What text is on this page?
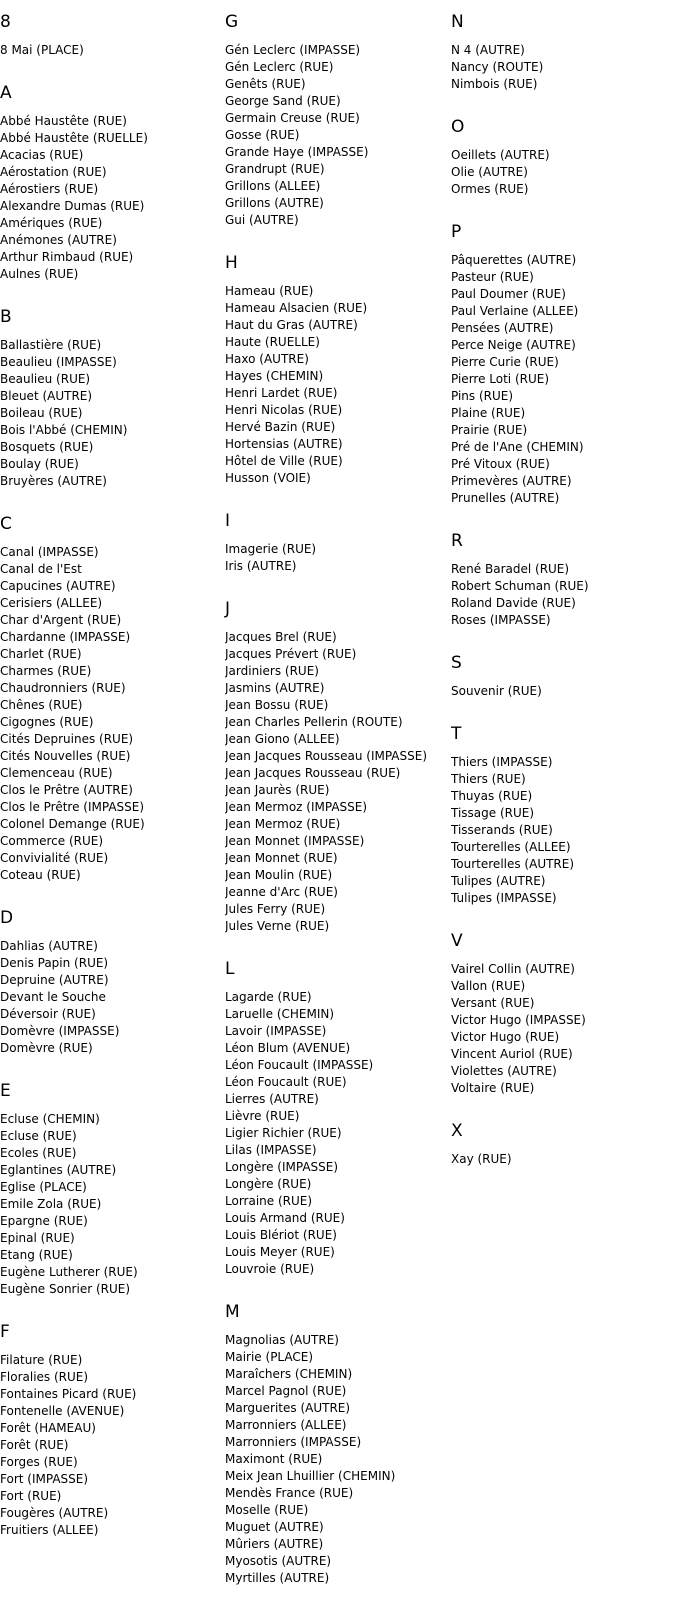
8
8 Mai (PLACE)
A
Abbé Haustête (RUE)
Abbé Haustête (RUELLE)
Acacias (RUE)
Aérostation (RUE)
Aérostiers (RUE)
Alexandre Dumas (RUE)
Amériques (RUE)
Anémones (AUTRE)
Arthur Rimbaud (RUE)
Aulnes (RUE)
B
Ballastière (RUE)
Beaulieu (IMPASSE)
Beaulieu (RUE)
Bleuet (AUTRE)
Boileau (RUE)
Bois l'Abbé (CHEMIN)
Bosquets (RUE)
Boulay (RUE)
Bruyères (AUTRE)
C
Canal (IMPASSE)
Canal de l'Est
Capucines (AUTRE)
Cerisiers (ALLEE)
Char d'Argent (RUE)
Chardanne (IMPASSE)
Charlet (RUE)
Charmes (RUE)
Chaudronniers (RUE)
Chênes (RUE)
Cigognes (RUE)
Cités Depruines (RUE)
Cités Nouvelles (RUE)
Clemenceau (RUE)
Clos le Prêtre (AUTRE)
Clos le Prêtre (IMPASSE)
Colonel Demange (RUE)
Commerce (RUE)
Convivialité (RUE)
Coteau (RUE)
D
Dahlias (AUTRE)
Denis Papin (RUE)
Depruine (AUTRE)
Devant le Souche
Déversoir (RUE)
Domèvre (IMPASSE)
Domèvre (RUE)
E
Ecluse (CHEMIN)
Ecluse (RUE)
Ecoles (RUE)
Eglantines (AUTRE)
Eglise (PLACE)
Emile Zola (RUE)
Epargne (RUE)
Epinal (RUE)
Etang (RUE)
Eugène Lutherer (RUE)
Eugène Sonrier (RUE)
F
Filature (RUE)
Floralies (RUE)
Fontaines Picard (RUE)
Fontenelle (AVENUE)
Forêt (HAMEAU)
Forêt (RUE)
Forges (RUE)
Fort (IMPASSE)
Fort (RUE)
Fougères (AUTRE)
Fruitiers (ALLEE)
G
Gén Leclerc (IMPASSE)
Gén Leclerc (RUE)
Genêts (RUE)
George Sand (RUE)
Germain Creuse (RUE)
Gosse (RUE)
Grande Haye (IMPASSE)
Grandrupt (RUE)
Grillons (ALLEE)
Grillons (AUTRE)
Gui (AUTRE)
H
Hameau (RUE)
Hameau Alsacien (RUE)
Haut du Gras (AUTRE)
Haute (RUELLE)
Haxo (AUTRE)
Hayes (CHEMIN)
Henri Lardet (RUE)
Henri Nicolas (RUE)
Hervé Bazin (RUE)
Hortensias (AUTRE)
Hôtel de Ville (RUE)
Husson (VOIE)
I
Imagerie (RUE)
Iris (AUTRE)
J
Jacques Brel (RUE)
Jacques Prévert (RUE)
Jardiniers (RUE)
Jasmins (AUTRE)
Jean Bossu (RUE)
Jean Charles Pellerin (ROUTE)
Jean Giono (ALLEE)
Jean Jacques Rousseau (IMPASSE)
Jean Jacques Rousseau (RUE)
Jean Jaurès (RUE)
Jean Mermoz (IMPASSE)
Jean Mermoz (RUE)
Jean Monnet (IMPASSE)
Jean Monnet (RUE)
Jean Moulin (RUE)
Jeanne d'Arc (RUE)
Jules Ferry (RUE)
Jules Verne (RUE)
L
Lagarde (RUE)
Laruelle (CHEMIN)
Lavoir (IMPASSE)
Léon Blum (AVENUE)
Léon Foucault (IMPASSE)
Léon Foucault (RUE)
Lierres (AUTRE)
Lièvre (RUE)
Ligier Richier (RUE)
Lilas (IMPASSE)
Longère (IMPASSE)
Longère (RUE)
Lorraine (RUE)
Louis Armand (RUE)
Louis Blériot (RUE)
Louis Meyer (RUE)
Louvroie (RUE)
M
Magnolias (AUTRE)
Mairie (PLACE)
Maraîchers (CHEMIN)
Marcel Pagnol (RUE)
Marguerites (AUTRE)
Marronniers (ALLEE)
Marronniers (IMPASSE)
Maximont (RUE)
Meix Jean Lhuillier (CHEMIN)
Mendès France (RUE)
Moselle (RUE)
Muguet (AUTRE)
Mûriers (AUTRE)
Myosotis (AUTRE)
Myrtilles (AUTRE)
N
N 4 (AUTRE)
Nancy (ROUTE)
Nimbois (RUE)
O
Oeillets (AUTRE)
Olie (AUTRE)
Ormes (RUE)
P
Pâquerettes (AUTRE)
Pasteur (RUE)
Paul Doumer (RUE)
Paul Verlaine (ALLEE)
Pensées (AUTRE)
Perce Neige (AUTRE)
Pierre Curie (RUE)
Pierre Loti (RUE)
Pins (RUE)
Plaine (RUE)
Prairie (RUE)
Pré de l'Ane (CHEMIN)
Pré Vitoux (RUE)
Primevères (AUTRE)
Prunelles (AUTRE)
R
René Baradel (RUE)
Robert Schuman (RUE)
Roland Davide (RUE)
Roses (IMPASSE)
S
Souvenir (RUE)
T
Thiers (IMPASSE)
Thiers (RUE)
Thuyas (RUE)
Tissage (RUE)
Tisserands (RUE)
Tourterelles (ALLEE)
Tourterelles (AUTRE)
Tulipes (AUTRE)
Tulipes (IMPASSE)
V
Vairel Collin (AUTRE)
Vallon (RUE)
Versant (RUE)
Victor Hugo (IMPASSE)
Victor Hugo (RUE)
Vincent Auriol (RUE)
Violettes (AUTRE)
Voltaire (RUE)
X
Xay (RUE)
